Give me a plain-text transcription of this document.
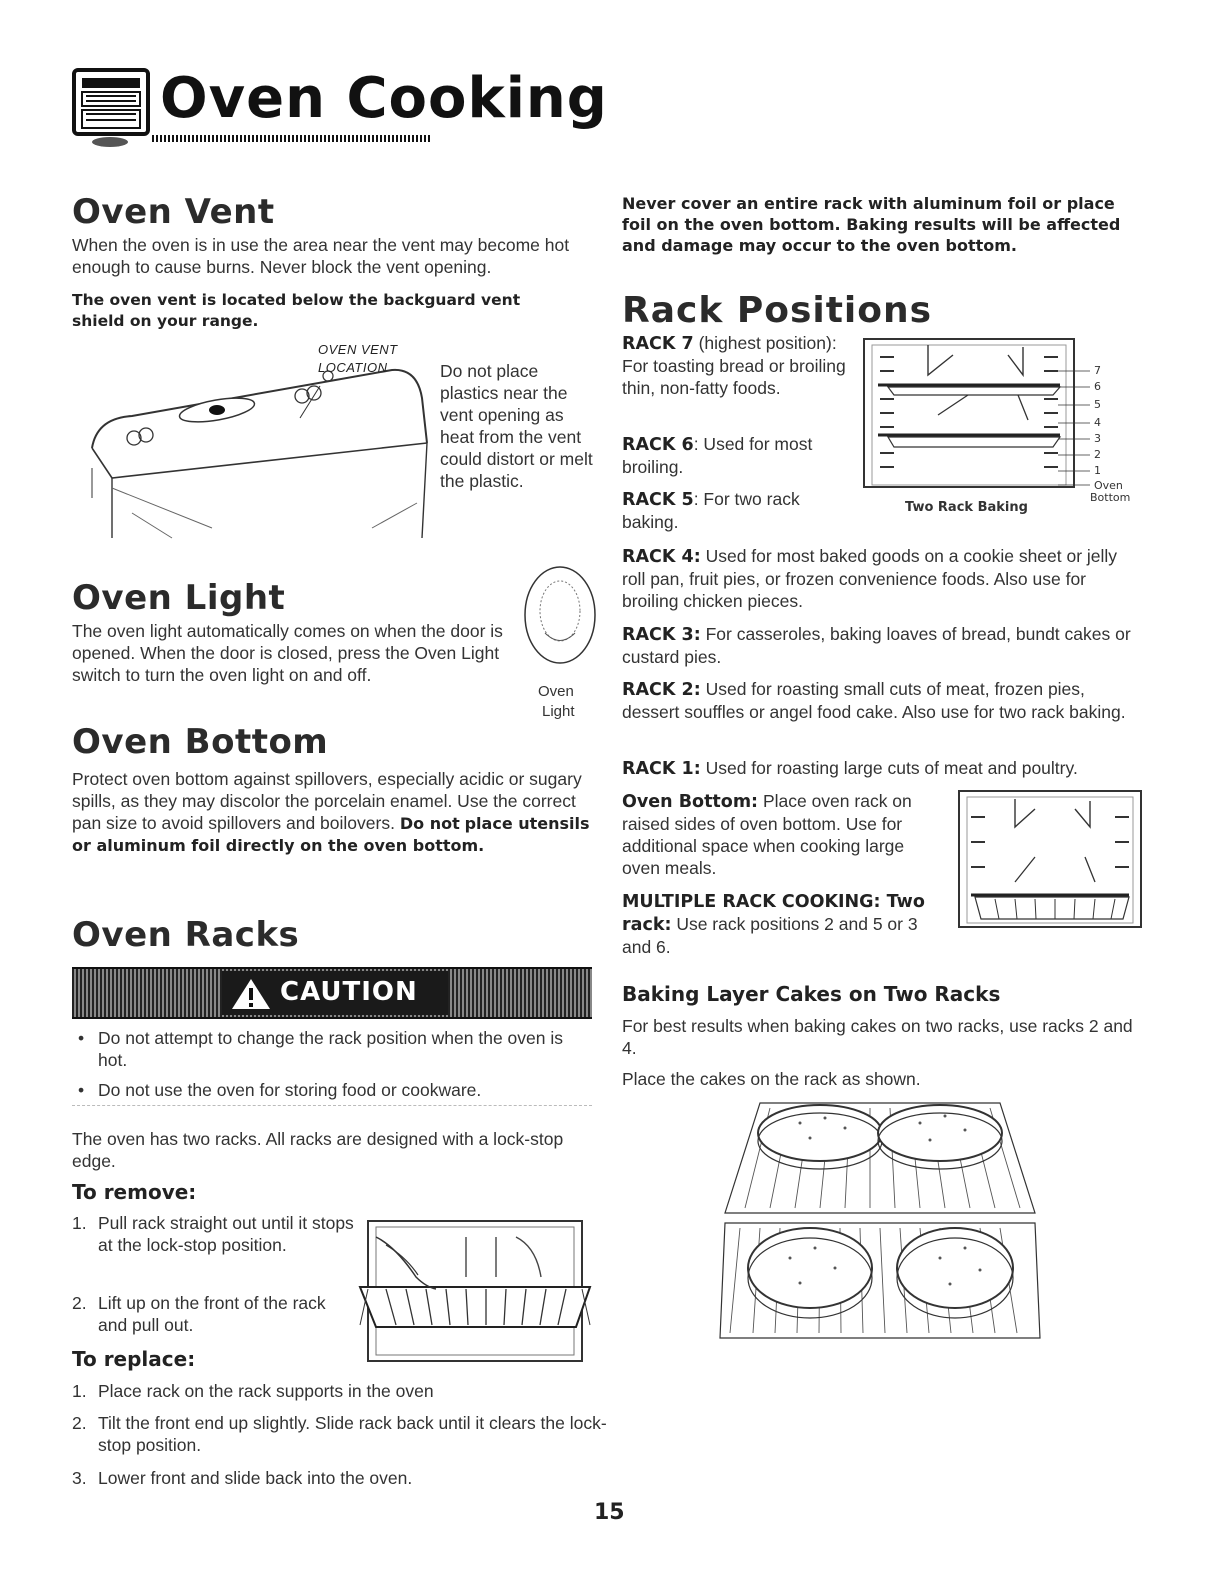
Oven Cooking
Oven Vent

When the oven is in use the area near the vent may become hot enough to cause burns. Never block the vent opening.

The oven vent is located below the backguard vent shield on your range.

OVEN VENT
LOCATION	Do not place plastics near the vent opening as heat from the vent could distort or melt the plastic.

Oven Light

The oven light automatically comes on when the door is opened. When the door is closed, press the Oven Light switch to turn the oven light on and off.

Oven
Light
Oven Bottom

Protect oven bottom against spillovers, especially acidic or sugary spills, as they may discolor the porcelain enamel. Use the correct pan size to avoid spillovers and boilovers. Do not place utensils or aluminum foil directly on the oven bottom.

Oven Racks
CAUTION
• Do not attempt to change the rack position when the oven is hot.
• Do not use the oven for storing food or cookware.

The oven has two racks. All racks are designed with a lock-stop edge.

To remove:
1. Pull rack straight out until it stops at the lock-stop position.
2. Lift up on the front of the rack and pull out.
To replace:
1. Place rack on the rack supports in the oven
2. Tilt the front end up slightly. Slide rack back until it clears the lock-stop position.
3. Lower front and slide back into the oven.

Never cover an entire rack with aluminum foil or place foil on the oven bottom. Baking results will be affected and damage may occur to the oven bottom.

Rack Positions

RACK 7 (highest position): For toasting bread or broiling thin, non-fatty foods.

RACK 6: Used for most broiling.

RACK 5: For two rack baking.

7
6
5
4
3
2
1
Oven
Bottom
Two Rack Baking

RACK 4: Used for most baked goods on a cookie sheet or jelly roll pan, fruit pies, or frozen convenience foods. Also use for broiling chicken pieces.

RACK 3: For casseroles, baking loaves of bread, bundt cakes or custard pies.

RACK 2: Used for roasting small cuts of meat, frozen pies, dessert souffles or angel food cake. Also use for two rack baking.

RACK 1: Used for roasting large cuts of meat and poultry.

Oven Bottom: Place oven rack on raised sides of oven bottom. Use for additional space when cooking large oven meals.

MULTIPLE RACK COOKING: Two rack: Use rack positions 2 and 5 or 3 and 6.

Baking Layer Cakes on Two Racks

For best results when baking cakes on two racks, use racks 2 and 4.

Place the cakes on the rack as shown.

15
